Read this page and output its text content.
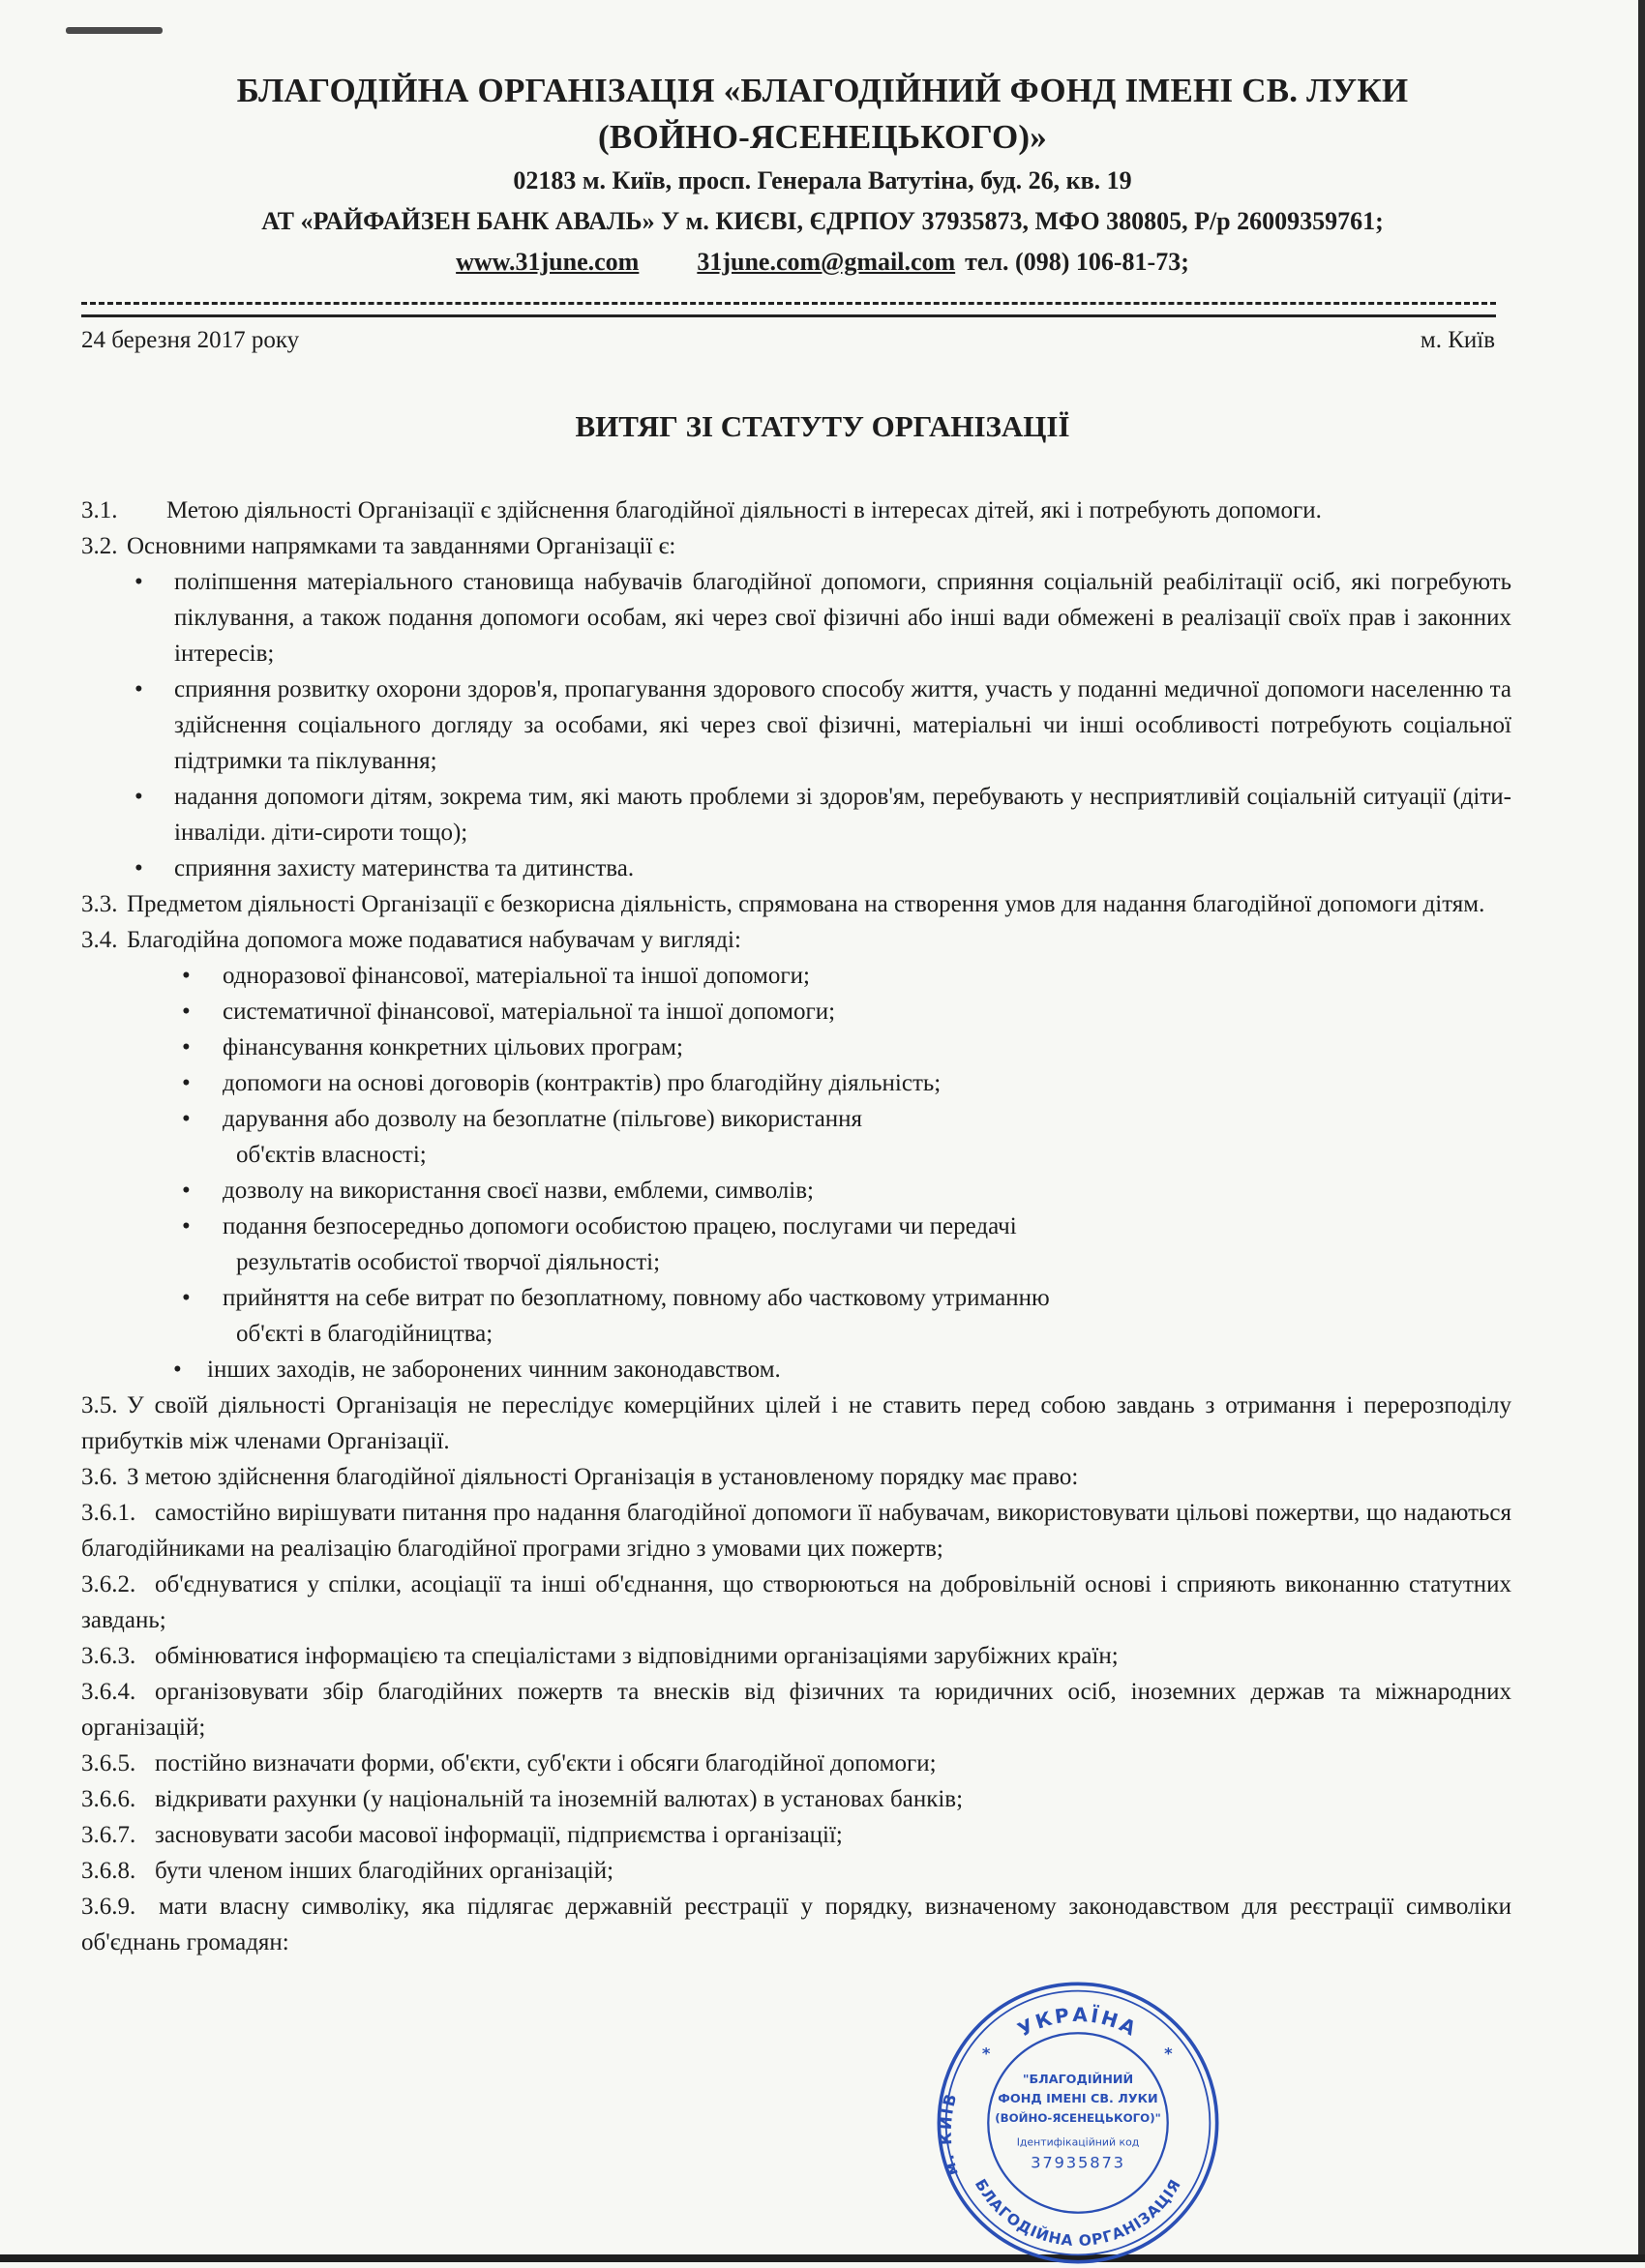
БЛАГОДІЙНА ОРГАНІЗАЦІЯ «БЛАГОДІЙНИЙ ФОНД ІМЕНІ СВ. ЛУКИ
(ВОЙНО-ЯСЕНЕЦЬКОГО)»
02183 м. Київ, просп. Генерала Ватутіна, буд. 26, кв. 19
АТ «РАЙФАЙЗЕН БАНК АВАЛЬ» У м. КИЄВІ, ЄДРПОУ 37935873, МФО 380805, Р/р 26009359761;
www.31june.com 31june.com@gmail.com тел. (098) 106-81-73;
24 березня 2017 року	м. Київ
ВИТЯГ ЗІ СТАТУТУ ОРГАНІЗАЦІЇ

3.1. Метою діяльності Організації є здійснення благодійної діяльності в інтересах дітей, які і потребують допомоги.

3.2. Основними напрямками та завданнями Організації є:

• поліпшення матеріального становища набувачів благодійної допомоги, сприяння соціальній реабілітації осіб, які погребують піклування, а також подання допомоги особам, які через свої фізичні або інші вади обмежені в реалізації своїх прав і законних інтересів;

• сприяння розвитку охорони здоров'я, пропагування здорового способу життя, участь у поданні медичної допомоги населенню та здійснення соціального догляду за особами, які через свої фізичні, матеріальні чи інші особливості потребують соціальної підтримки та піклування;

• надання допомоги дітям, зокрема тим, які мають проблеми зі здоров'ям, перебувають у несприятливій соціальній ситуації (діти-інваліди. діти-сироти тощо);

• сприяння захисту материнства та дитинства.

3.3. Предметом діяльності Організації є безкорисна діяльність, спрямована на створення умов для надання благодійної допомоги дітям.

3.4. Благодійна допомога може подаватися набувачам у вигляді:

• одноразової фінансової, матеріальної та іншої допомоги;

• систематичної фінансової, матеріальної та іншої допомоги;

• фінансування конкретних цільових програм;

• допомоги на основі договорів (контрактів) про благодійну діяльність;

• дарування або дозволу на безоплатне (пільгове) використання
об'єктів власності;

• дозволу на використання своєї назви, емблеми, символів;

• подання безпосередньо допомоги особистою працею, послугами чи передачі
результатів особистої творчої діяльності;

• прийняття на себе витрат по безоплатному, повному або частковому утриманню
об'єкті в благодійництва;

• інших заходів, не заборонених чинним законодавством.

3.5. У своїй діяльності Організація не переслідує комерційних цілей і не ставить перед собою завдань з отримання і перерозподілу прибутків між членами Організації.

3.6. З метою здійснення благодійної діяльності Організація в установленому порядку має право:

3.6.1. самостійно вирішувати питання про надання благодійної допомоги її набувачам, використовувати цільові пожертви, що надаються благодійниками на реалізацію благодійної програми згідно з умовами цих пожертв;

3.6.2. об'єднуватися у спілки, асоціації та інші об'єднання, що створюються на добровільній основі і сприяють виконанню статутних завдань;

3.6.3. обмінюватися інформацією та спеціалістами з відповідними організаціями зарубіжних країн;

3.6.4. організовувати збір благодійних пожертв та внесків від фізичних та юридичних осіб, іноземних держав та міжнародних організацій;

3.6.5. постійно визначати форми, об'єкти, суб'єкти і обсяги благодійної допомоги;

3.6.6. відкривати рахунки (у національній та іноземній валютах) в установах банків;

3.6.7. засновувати засоби масової інформації, підприємства і організації;

3.6.8. бути членом інших благодійних організацій;

3.6.9. мати власну символіку, яка підлягає державній реєстрації у порядку, визначеному законодавством для реєстрації символіки об'єднань громадян:

УКРАЇНА
м. КИЇВ
БЛАГОДІЙНА ОРГАНІЗАЦІЯ
"БЛАГОДІЙНИЙ
ФОНД ІМЕНІ СВ. ЛУКИ
(ВОЙНО-ЯСЕНЕЦЬКОГО)"
Ідентифікаційний код
37935873
*	*
